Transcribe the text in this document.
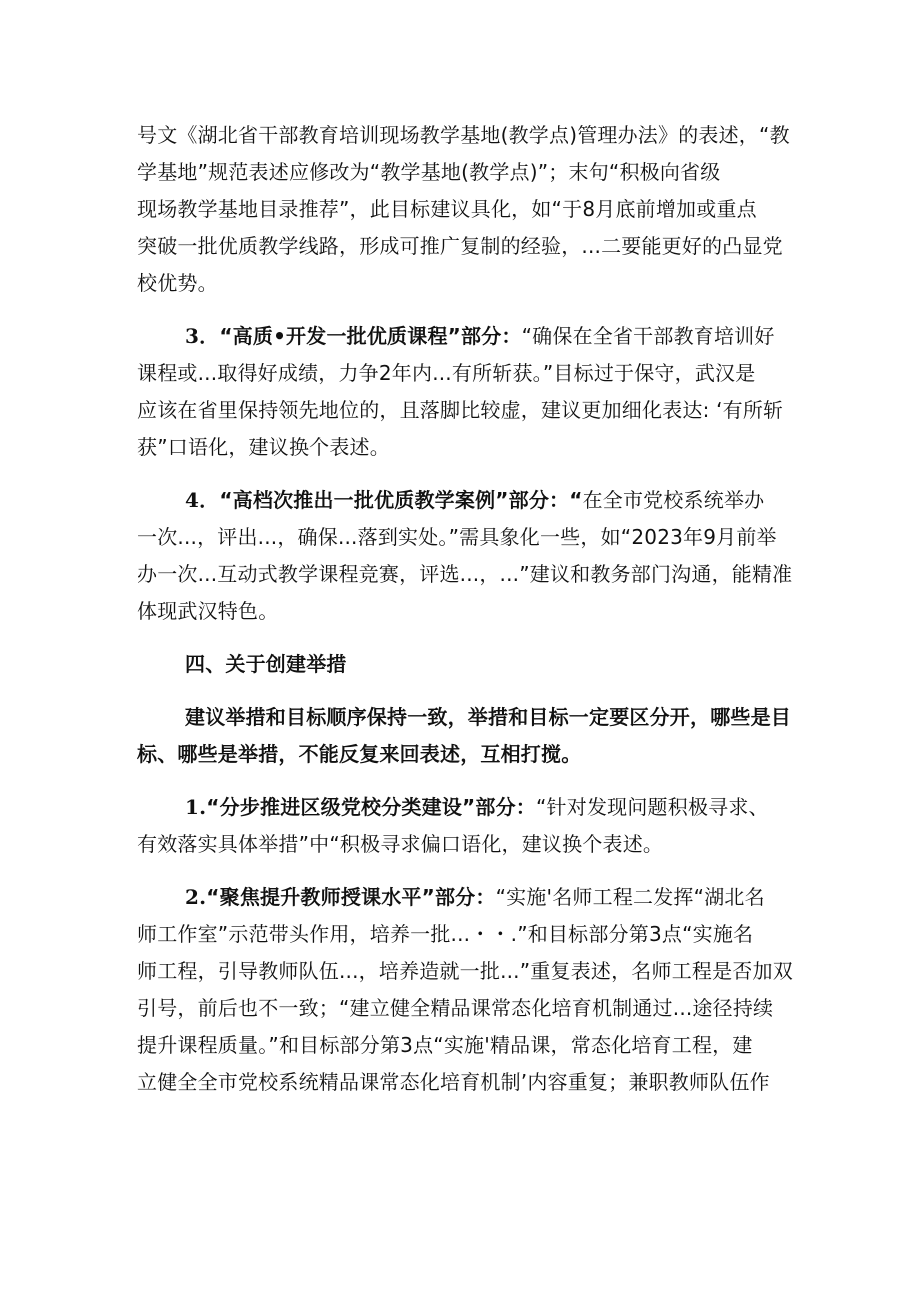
号文《湖北省干部教育培训现场教学基地(教学点)管理办法》的表述，“教
学基地”规范表述应修改为“教学基地(教学点)”；末句“积极向省级
现场教学基地目录推荐”，此目标建议具化，如“于8月底前增加或重点
突破一批优质教学线路，形成可推广复制的经验，...二要能更好的凸显党
校优势。
3．“高质•开发一批优质课程”部分：“确保在全省干部教育培训好
课程或...取得好成绩，力争2年内...有所斩获。”目标过于保守，武汉是
应该在省里保持领先地位的，且落脚比较虚，建议更加细化表达: ‘有所斩
获”口语化，建议换个表述。
4．“高档次推出一批优质教学案例”部分：“在全市党校系统举办
一次...，评出...，确保...落到实处。”需具象化一些，如“2023年9月前举
办一次...互动式教学课程竞赛，评选...，...”建议和教务部门沟通，能精准
体现武汉特色。
四、关于创建举措
建议举措和目标顺序保持一致，举措和目标一定要区分开，哪些是目
标、哪些是举措，不能反复来回表述，互相打搅。
1.“分步推进区级党校分类建设”部分：“针对发现问题积极寻求、
有效落实具体举措”中“积极寻求偏口语化，建议换个表述。
2.“聚焦提升教师授课水平”部分：“实施'名师工程二发挥“湖北名
师工作室”示范带头作用，培养一批...・・.”和目标部分第3点“实施名
师工程，引导教师队伍...，培养造就一批...”重复表述，名师工程是否加双
引号，前后也不一致；“建立健全精品课常态化培育机制通过...途径持续
提升课程质量。”和目标部分第3点“实施'精品课，常态化培育工程，建
立健全全市党校系统精品课常态化培育机制’内容重复；兼职教师队伍作
